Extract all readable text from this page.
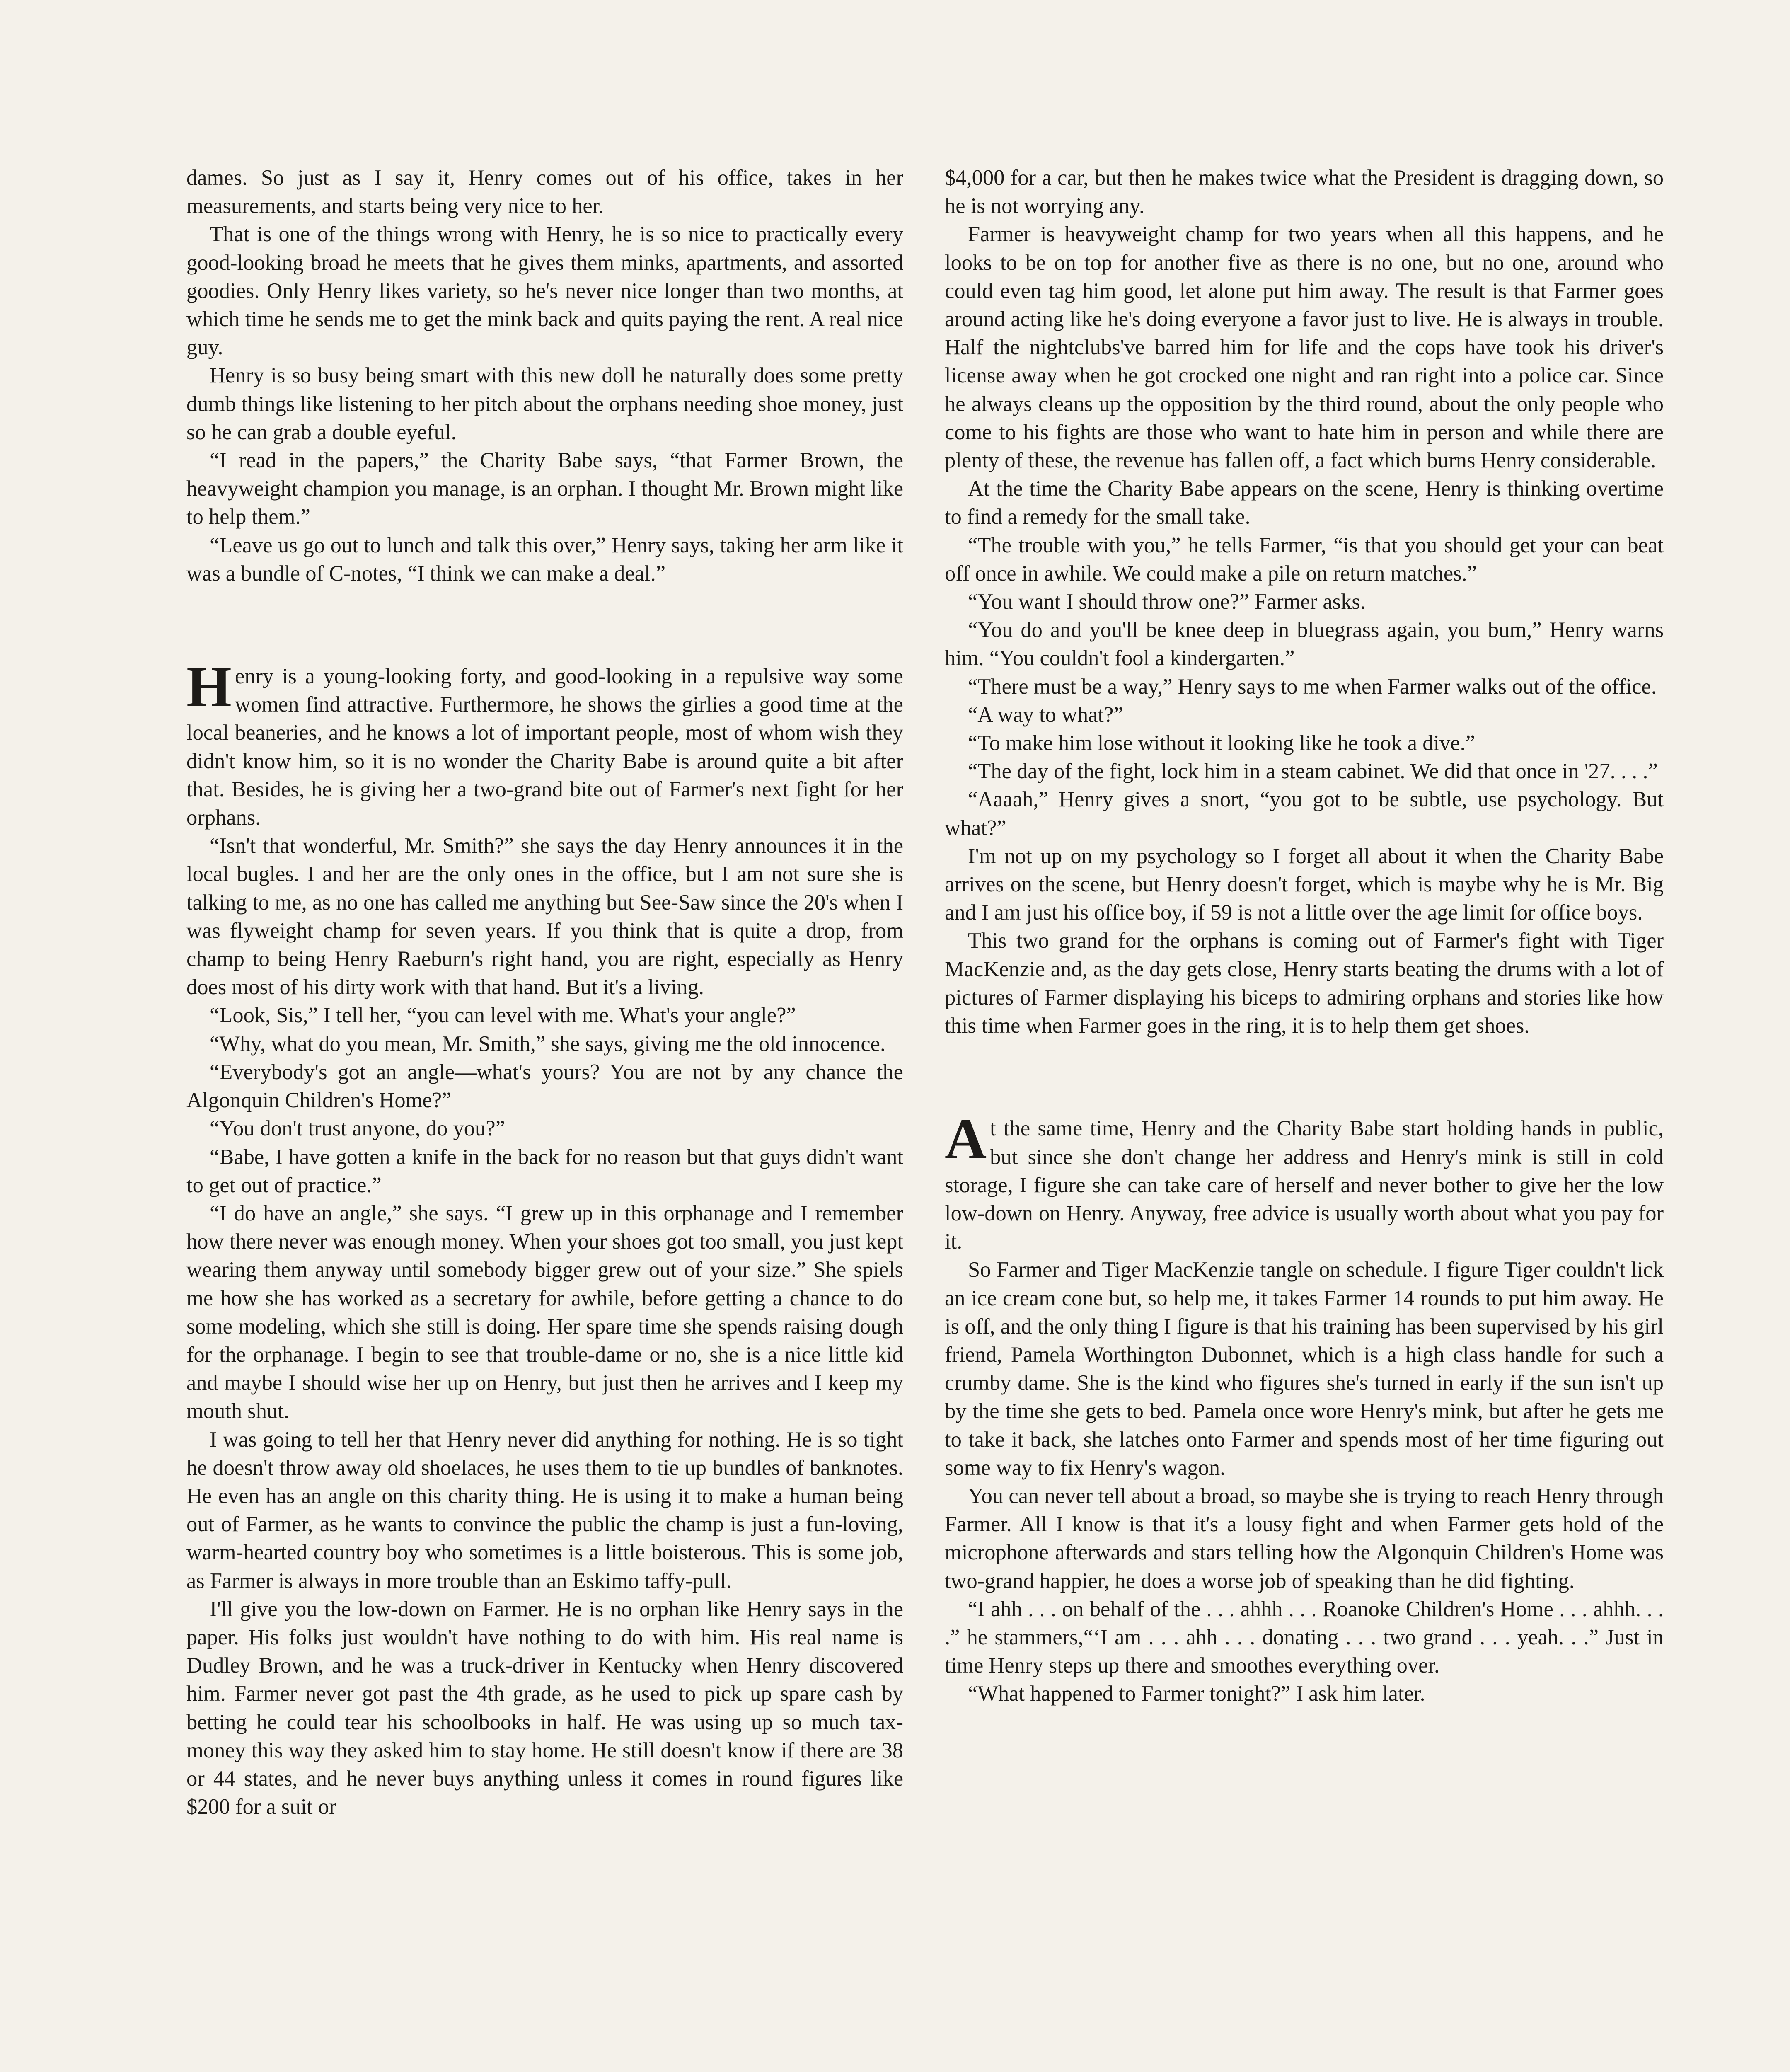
dames. So just as I say it, Henry comes out of his office, takes in her measurements, and starts being very nice to her.

That is one of the things wrong with Henry, he is so nice to practically every good-looking broad he meets that he gives them minks, apartments, and assorted goodies. Only Henry likes variety, so he's never nice longer than two months, at which time he sends me to get the mink back and quits paying the rent. A real nice guy.

Henry is so busy being smart with this new doll he naturally does some pretty dumb things like listening to her pitch about the orphans needing shoe money, just so he can grab a double eyeful.

“I read in the papers,” the Charity Babe says, “that Farmer Brown, the heavyweight champion you manage, is an orphan. I thought Mr. Brown might like to help them.”

“Leave us go out to lunch and talk this over,” Henry says, taking her arm like it was a bundle of C-notes, “I think we can make a deal.”

Henry is a young-looking forty, and good-looking in a repulsive way some women find attractive. Furthermore, he shows the girlies a good time at the local beaneries, and he knows a lot of important people, most of whom wish they didn't know him, so it is no wonder the Charity Babe is around quite a bit after that. Besides, he is giving her a two-grand bite out of Farmer's next fight for her orphans.

“Isn't that wonderful, Mr. Smith?” she says the day Henry announces it in the local bugles. I and her are the only ones in the office, but I am not sure she is talking to me, as no one has called me anything but See-Saw since the 20's when I was flyweight champ for seven years. If you think that is quite a drop, from champ to being Henry Raeburn's right hand, you are right, especially as Henry does most of his dirty work with that hand. But it's a living.

“Look, Sis,” I tell her, “you can level with me. What's your angle?”

“Why, what do you mean, Mr. Smith,” she says, giving me the old innocence.

“Everybody's got an angle—what's yours? You are not by any chance the Algonquin Children's Home?”

“You don't trust anyone, do you?”

“Babe, I have gotten a knife in the back for no reason but that guys didn't want to get out of practice.”

“I do have an angle,” she says. “I grew up in this orphanage and I remember how there never was enough money. When your shoes got too small, you just kept wearing them anyway until somebody bigger grew out of your size.” She spiels me how she has worked as a secretary for awhile, before getting a chance to do some modeling, which she still is doing. Her spare time she spends raising dough for the orphanage. I begin to see that trouble-dame or no, she is a nice little kid and maybe I should wise her up on Henry, but just then he arrives and I keep my mouth shut.

I was going to tell her that Henry never did anything for nothing. He is so tight he doesn't throw away old shoelaces, he uses them to tie up bundles of banknotes. He even has an angle on this charity thing. He is using it to make a human being out of Farmer, as he wants to convince the public the champ is just a fun-loving, warm-hearted country boy who sometimes is a little boisterous. This is some job, as Farmer is always in more trouble than an Eskimo taffy-pull.

I'll give you the low-down on Farmer. He is no orphan like Henry says in the paper. His folks just wouldn't have nothing to do with him. His real name is Dudley Brown, and he was a truck-driver in Kentucky when Henry discovered him. Farmer never got past the 4th grade, as he used to pick up spare cash by betting he could tear his schoolbooks in half. He was using up so much tax-money this way they asked him to stay home. He still doesn't know if there are 38 or 44 states, and he never buys anything unless it comes in round figures like $200 for a suit or

$4,000 for a car, but then he makes twice what the President is dragging down, so he is not worrying any.

Farmer is heavyweight champ for two years when all this happens, and he looks to be on top for another five as there is no one, but no one, around who could even tag him good, let alone put him away. The result is that Farmer goes around acting like he's doing everyone a favor just to live. He is always in trouble. Half the nightclubs've barred him for life and the cops have took his driver's license away when he got crocked one night and ran right into a police car. Since he always cleans up the opposition by the third round, about the only people who come to his fights are those who want to hate him in person and while there are plenty of these, the revenue has fallen off, a fact which burns Henry considerable.

At the time the Charity Babe appears on the scene, Henry is thinking overtime to find a remedy for the small take.

“The trouble with you,” he tells Farmer, “is that you should get your can beat off once in awhile. We could make a pile on return matches.”

“You want I should throw one?” Farmer asks.

“You do and you'll be knee deep in bluegrass again, you bum,” Henry warns him. “You couldn't fool a kindergarten.”

“There must be a way,” Henry says to me when Farmer walks out of the office.

“A way to what?”

“To make him lose without it looking like he took a dive.”

“The day of the fight, lock him in a steam cabinet. We did that once in '27. . . .”

“Aaaah,” Henry gives a snort, “you got to be subtle, use psychology. But what?”

I'm not up on my psychology so I forget all about it when the Charity Babe arrives on the scene, but Henry doesn't forget, which is maybe why he is Mr. Big and I am just his office boy, if 59 is not a little over the age limit for office boys.

This two grand for the orphans is coming out of Farmer's fight with Tiger MacKenzie and, as the day gets close, Henry starts beating the drums with a lot of pictures of Farmer displaying his biceps to admiring orphans and stories like how this time when Farmer goes in the ring, it is to help them get shoes.

At the same time, Henry and the Charity Babe start holding hands in public, but since she don't change her address and Henry's mink is still in cold storage, I figure she can take care of herself and never bother to give her the low low-down on Henry. Anyway, free advice is usually worth about what you pay for it.

So Farmer and Tiger MacKenzie tangle on schedule. I figure Tiger couldn't lick an ice cream cone but, so help me, it takes Farmer 14 rounds to put him away. He is off, and the only thing I figure is that his training has been supervised by his girl friend, Pamela Worthington Dubonnet, which is a high class handle for such a crumby dame. She is the kind who figures she's turned in early if the sun isn't up by the time she gets to bed. Pamela once wore Henry's mink, but after he gets me to take it back, she latches onto Farmer and spends most of her time figuring out some way to fix Henry's wagon.

You can never tell about a broad, so maybe she is trying to reach Henry through Farmer. All I know is that it's a lousy fight and when Farmer gets hold of the microphone afterwards and stars telling how the Algonquin Children's Home was two-grand happier, he does a worse job of speaking than he did fighting.

“I ahh . . . on behalf of the . . . ahhh . . . Roanoke Children's Home . . . ahhh. . . .” he stammers,“‘I am . . . ahh . . . donating . . . two grand . . . yeah. . .” Just in time Henry steps up there and smoothes everything over.

“What happened to Farmer tonight?” I ask him later.
